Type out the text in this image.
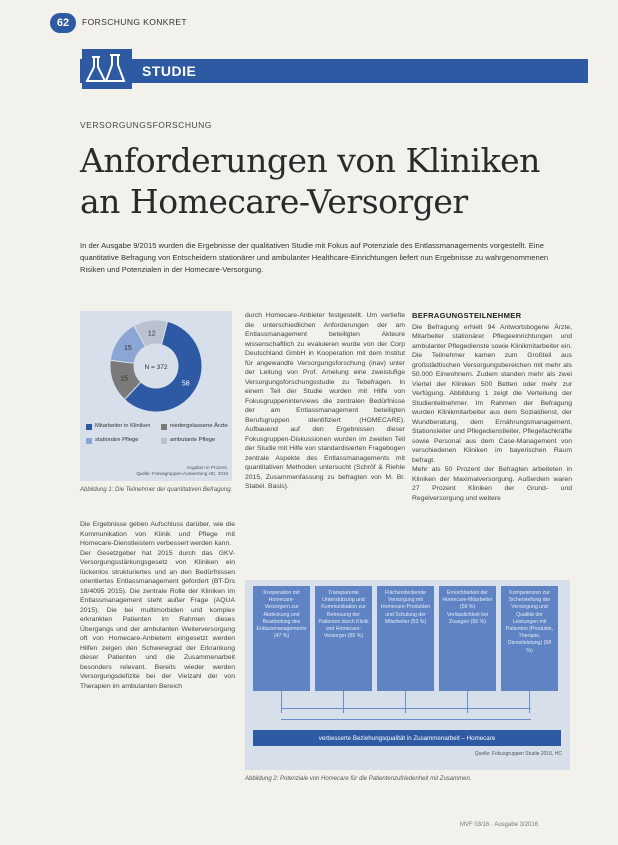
62	FORSCHUNG KONKRET
STUDIE
VERSORGUNGSFORSCHUNG
Anforderungen von Kliniken
an Homecare-Versorger
In der Ausgabe 9/2015 wurden die Ergebnisse der qualitativen Studie mit Fokus auf Potenziale des Entlassmanagements vorgestellt. Eine quantitative Befragung von Entscheidern stationärer und ambulanter Healthcare-Einrichtungen liefert nun Ergebnisse zu wahrgenommenen Risiken und Potenzialen in der Homecare-Versorgung.
58
15
15
12
N = 372
Mitarbeiter in Kliniken	niedergelassene Ärzte
stationäre Pflege	ambulante Pflege
Angaben in Prozent.
Quelle: Fokusgruppen-Auswertung HC, 2016
Abbildung 1: Die Teilnehmer der quantitativen Befragung.
Die Ergebnisse geben Aufschluss darüber, wie die Kommunikation von Klinik und Pflege mit Homecare-Dienstleistern verbessert werden kann.
Der Gesetzgeber hat 2015 durch das GKV-Versorgungsstärkungsgesetz von Kliniken ein lückenlos strukturiertes und an den Bedürfnissen orientiertes Entlassmanagement gefordert (BT-Drs 18/4095 2015). Die zentrale Rolle der Kliniken im Entlassmanagement steht außer Frage (AQUA 2015). Die bei multimorbiden und komplex erkrankten Patienten im Rahmen dieses Übergangs und der ambulanten Weiterversorgung oft von Homecare-Anbietern eingesetzt werden Hilfen zeigen den Schweregrad der Erkrankung dieser Patienten und die Zusammenarbeit besonders relevant. Bereits wieder werden Versorgungsdefizite bei der Vielzahl der von Therapien im ambulanten Bereich
durch Homecare-Anbieter festgestellt. Um vertiefte die unterschiedlichen Anforderungen der am Entlassmanagement beteiligten Akteure wissenschaftlich zu evaluieren wurde von der Corp Deutschland GmbH in Kooperation mit dem Institut für angewandte Versorgungsforschung (inav) unter der Leitung von Prof. Amelung eine zweistufige Versorgungsforschungsstudie zu Tebefragen. In einem Teil der Studie wurden mit Hilfe von Fokusgruppeninterviews die zentralen Bedürfnisse der am Entlassmanagement beteiligten Berufsgruppen identifiziert (HOMECARE). Aufbauend auf den Ergebnissen dieser Fokusgruppen-Diskussionen wurden im zweiten Teil der Studie mit Hilfe von standardisierten Fragebogen zentrale Aspekte des Entlassmanagements mit quantitativen Methoden untersucht (Schröf & Riehle 2015, Zusammenfassung zu befragten von M. Br. Stabel. Basis).
BEFRAGUNGSTEILNEHMER
Die Befragung erhielt 94 Antwortsbogene Ärzte, Mitarbeiter stationärer Pflegeeinrichtungen und ambulanter Pflegedienste sowie Klinikmitarbeiter ein. Die Teilnehmer kamen zum Großteil aus großstädtischen Versorgungsbereichen mit mehr als 50.000 Einwohnern. Zudem standen mehr als zwei Viertel der Kliniken 500 Betten oder mehr zur Verfügung. Abbildung 1 zeigt die Verteilung der Studienteilnehmer. Im Rahmen der Befragung wurden Klinikmitarbeiter aus dem Sozialdienst, der Wundberatung, dem Ernährungsmanagement, Stationsleiter und Pflegedienstleiter, Pflegefachkräfte sowie Personal aus dem Case-Management von verschiedenen Kliniken im bayerischen Raum befragt.
Mehr als 50 Prozent der Befragten arbeiteten in Kliniken der Maximalversorgung. Außerdem waren 27 Prozent Kliniken der Grund- und Regelversorgung und weitere
Kooperation mit Homecare-Versorgern zur Abdeckung und Bearbeitung des Entlassmanagements (47 %)
Transparente Unterstützung und Kommunikation zur Betreuung der Patienten durch Klinik und Homecare-Versorger (55 %)
Flächendeckende Versorgung mit Homecare-Produkten und Schulung der Mitarbeiter (53 %)
Erreichbarkeit der Homecare-Mitarbeiter (58 %)
Verlässlichkeit bei Zusagen (56 %)
Kompetenzen zur Sicherstellung der Versorgung und Qualität der Leistungen mit Patienten (Produkte, Therapie, Dienstleistung) (58 %)
verbesserte Beziehungsqualität in Zusammenarbeit – Homecare
Quelle: Fokusgruppen Studie 2016, HC
Abbildung 2: Potenziale von Homecare für die Patientenzufriedenheit mit Zusammen.
MVF 03/16 · Ausgabe 3/2016
